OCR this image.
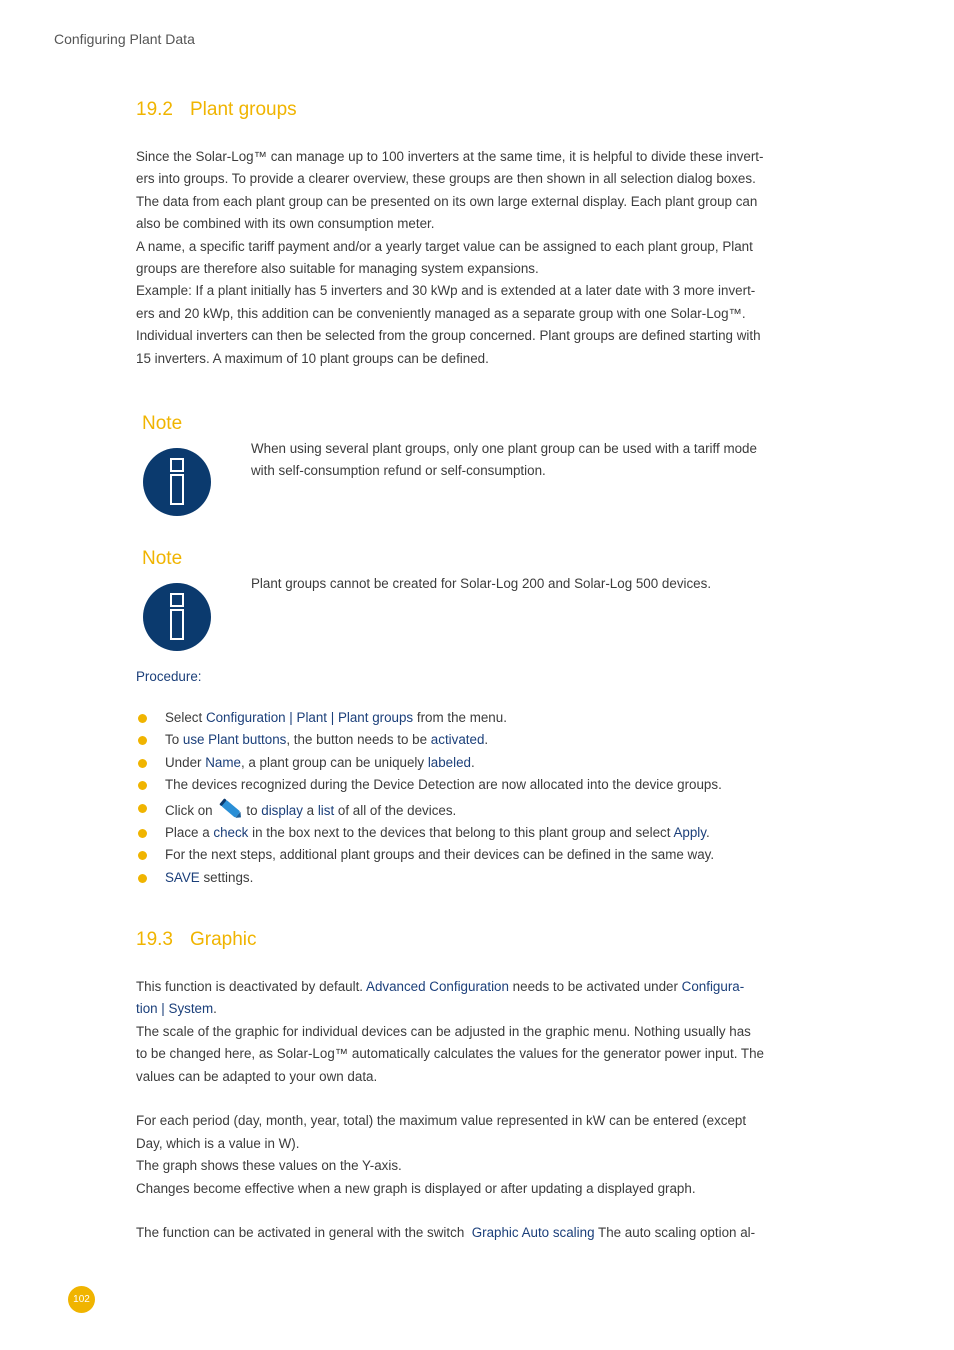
Configuring Plant Data
19.2 Plant groups

Since the Solar-Log™ can manage up to 100 inverters at the same time, it is helpful to divide these invert-

ers into groups. To provide a clearer overview, these groups are then shown in all selection dialog boxes.

The data from each plant group can be presented on its own large external display. Each plant group can

also be combined with its own consumption meter.

A name, a specific tariff payment and/or a yearly target value can be assigned to each plant group, Plant

groups are therefore also suitable for managing system expansions.

Example: If a plant initially has 5 inverters and 30 kWp and is extended at a later date with 3 more invert-

ers and 20 kWp, this addition can be conveniently managed as a separate group with one Solar-Log™.

Individual inverters can then be selected from the group concerned. Plant groups are defined starting with

15 inverters. A maximum of 10 plant groups can be defined.

Note

When using several plant groups, only one plant group can be used with a tariff mode

with self-consumption refund or self-consumption.

Note

Plant groups cannot be created for Solar-Log 200 and Solar-Log 500 devices.

Procedure:
Select Configuration | Plant | Plant groups from the menu.
To use Plant buttons, the button needs to be activated.
Under Name, a plant group can be uniquely labeled.
The devices recognized during the Device Detection are now allocated into the device groups.
Click on to display a list of all of the devices.
Place a check in the box next to the devices that belong to this plant group and select Apply.
For the next steps, additional plant groups and their devices can be defined in the same way.
SAVE settings.
19.3 Graphic

This function is deactivated by default. Advanced Configuration needs to be activated under Configura-

tion | System.

The scale of the graphic for individual devices can be adjusted in the graphic menu. Nothing usually has

to be changed here, as Solar-Log™ automatically calculates the values for the generator power input. The

values can be adapted to your own data.

For each period (day, month, year, total) the maximum value represented in kW can be entered (except

Day, which is a value in W).

The graph shows these values on the Y-axis.

Changes become effective when a new graph is displayed or after updating a displayed graph.

The function can be activated in general with the switch  Graphic Auto scaling The auto scaling option al-

102
